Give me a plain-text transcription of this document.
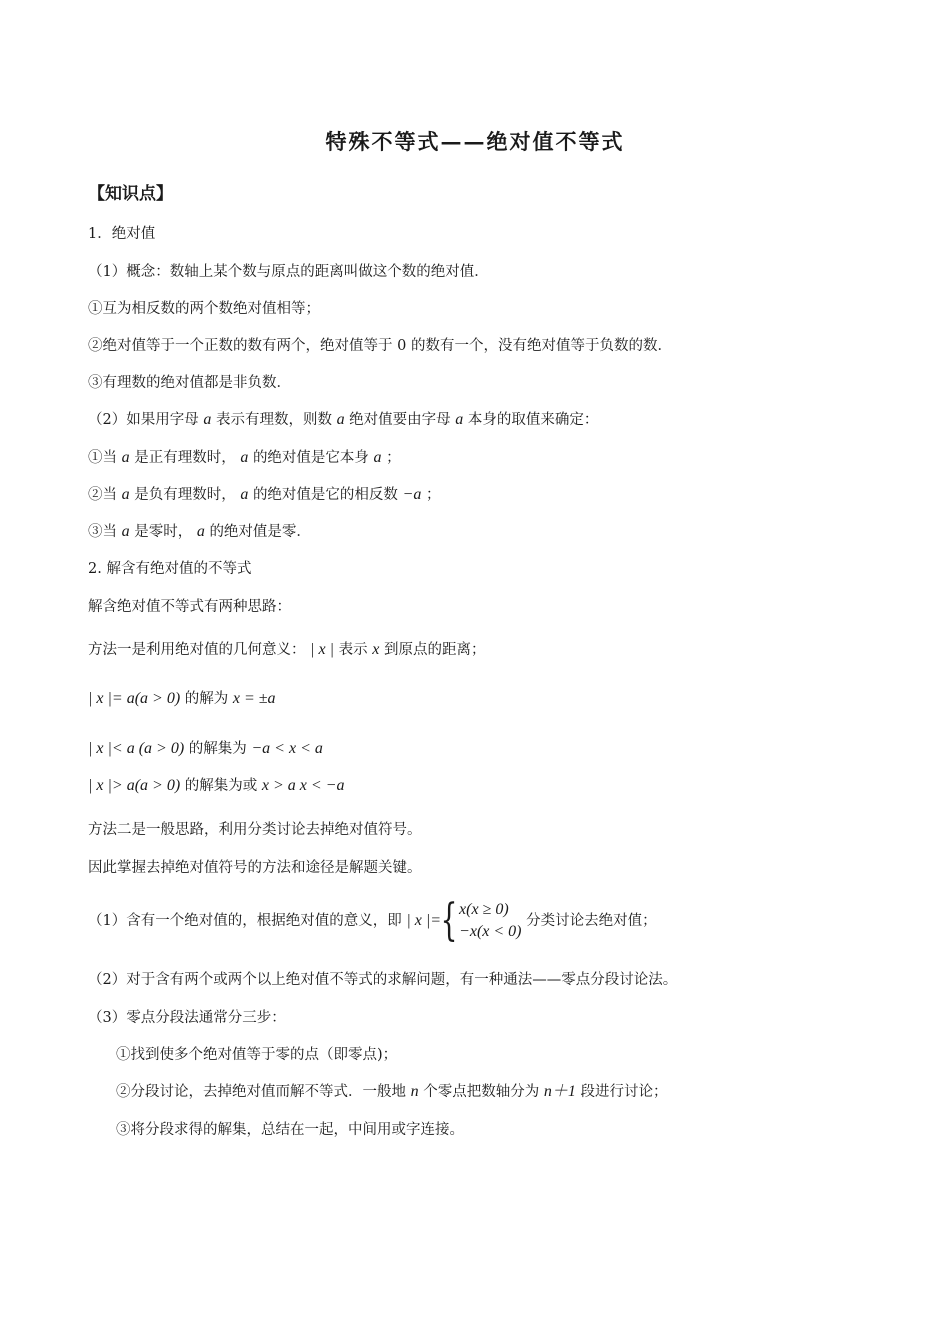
特殊不等式——绝对值不等式
【知识点】
1．绝对值
（1）概念：数轴上某个数与原点的距离叫做这个数的绝对值．
①互为相反数的两个数绝对值相等；
②绝对值等于一个正数的数有两个，绝对值等于 0 的数有一个，没有绝对值等于负数的数．
③有理数的绝对值都是非负数．
（2）如果用字母 a 表示有理数，则数 a 绝对值要由字母 a 本身的取值来确定：
①当 a 是正有理数时， a 的绝对值是它本身 a ；
②当 a 是负有理数时， a 的绝对值是它的相反数 −a ；
③当 a 是零时， a 的绝对值是零．
2. 解含有绝对值的不等式
解含绝对值不等式有两种思路：
方法一是利用绝对值的几何意义： | x | 表示 x 到原点的距离；
| x |= a(a > 0) 的解为 x = ±a
| x |< a (a > 0) 的解集为 −a < x < a
| x |> a(a > 0) 的解集为或 x > a x < −a
方法二是一般思路，利用分类讨论去掉绝对值符号。
因此掌握去掉绝对值符号的方法和途径是解题关键。
（1）含有一个绝对值的，根据绝对值的意义，即 | x |={ x(x ≥ 0)
−x(x < 0)
分类讨论去绝对值；
（2）对于含有两个或两个以上绝对值不等式的求解问题，有一种通法——零点分段讨论法。
（3）零点分段法通常分三步：
①找到使多个绝对值等于零的点（即零点)；
②分段讨论，去掉绝对值而解不等式．一般地 n 个零点把数轴分为 n＋1 段进行讨论；
③将分段求得的解集，总结在一起，中间用或字连接。
